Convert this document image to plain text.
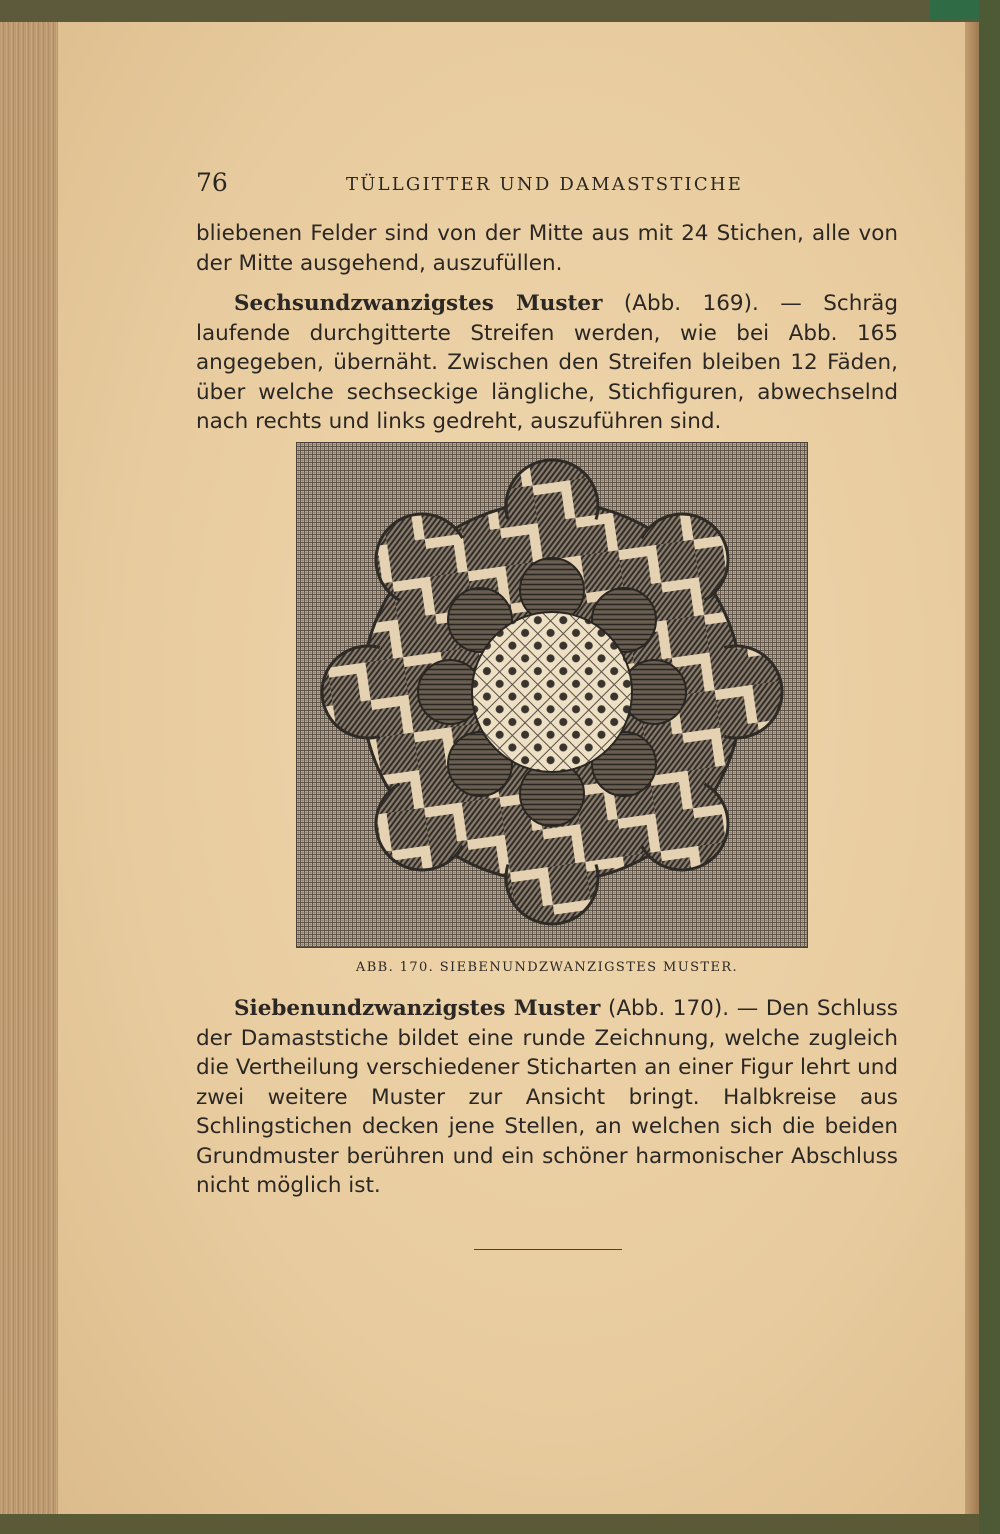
76	TÜLLGITTER UND DAMASTSTICHE

bliebenen Felder sind von der Mitte aus mit 24 Stichen, alle von der Mitte ausgehend, auszufüllen.

Sechsundzwanzigstes Muster (Abb. 169). — Schräg laufende durchgitterte Streifen werden, wie bei Abb. 165 angegeben, übernäht. Zwischen den Streifen bleiben 12 Fäden, über welche sechseckige längliche, Stichfiguren, abwechselnd nach rechts und links gedreht, auszuführen sind.

ABB. 170. SIEBENUNDZWANZIGSTES MUSTER.

Siebenundzwanzigstes Muster (Abb. 170). — Den Schluss der Damaststiche bildet eine runde Zeichnung, welche zugleich die Vertheilung verschiedener Sticharten an einer Figur lehrt und zwei weitere Muster zur Ansicht bringt. Halbkreise aus Schlingstichen decken jene Stellen, an welchen sich die beiden Grundmuster berühren und ein schöner harmonischer Abschluss nicht möglich ist.
